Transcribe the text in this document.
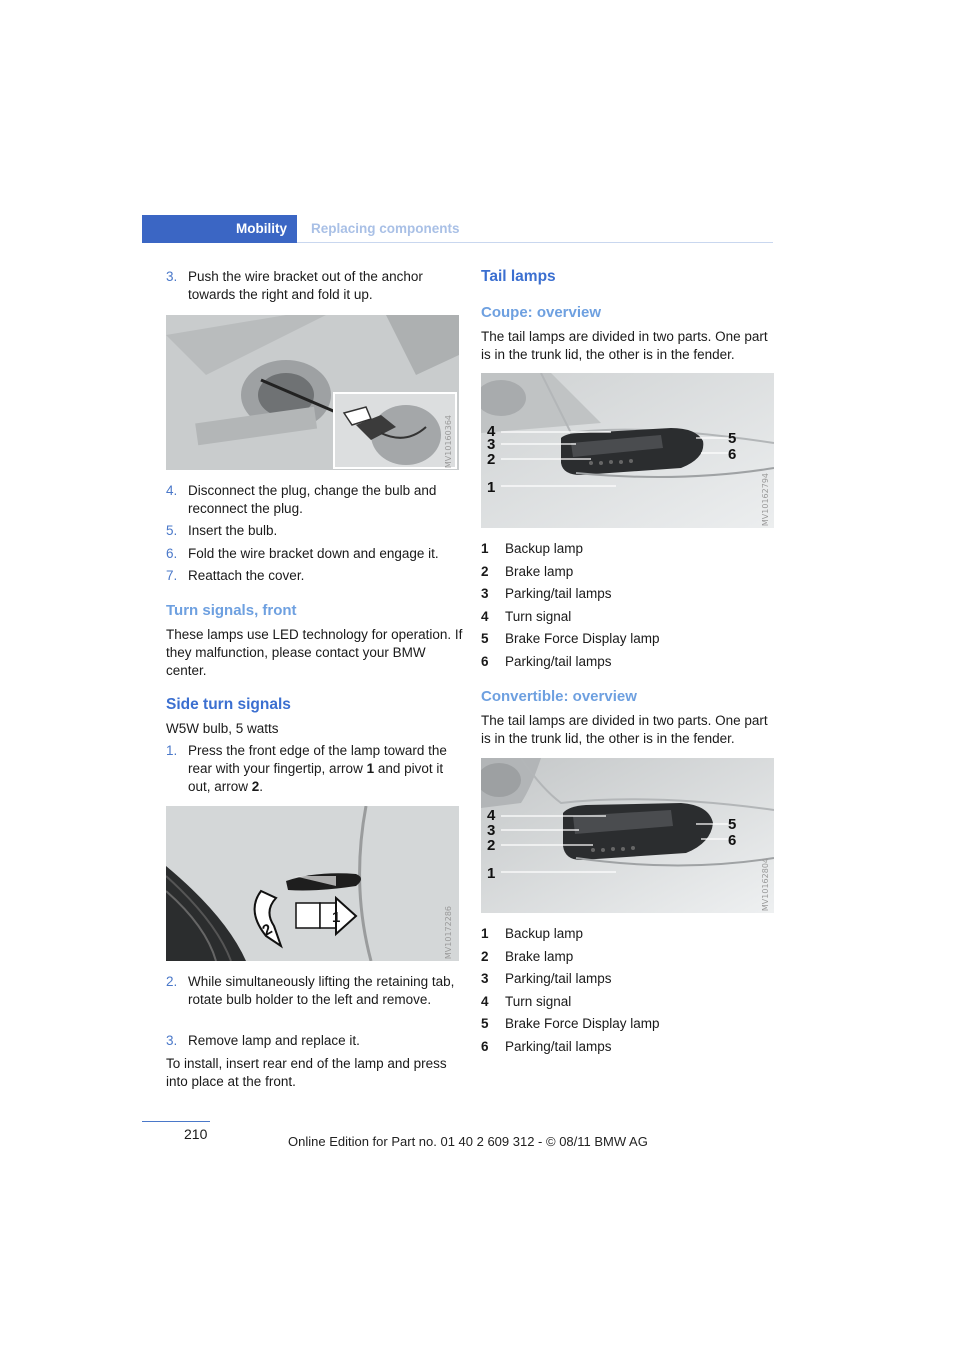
Mobility	Replacing components
3. Push the wire bracket out of the anchor towards the right and fold it up.
MV10160364
4. Disconnect the plug, change the bulb and reconnect the plug.
5. Insert the bulb.
6. Fold the wire bracket down and engage it.
7. Reattach the cover.
Turn signals, front
These lamps use LED technology for operation. If they malfunction, please contact your BMW center.
Side turn signals
W5W bulb, 5 watts
1. Press the front edge of the lamp toward the rear with your fingertip, arrow 1 and pivot it out, arrow 2.
1
2	MV10172286
2. While simultaneously lifting the retaining tab, rotate bulb holder to the left and remove.
3. Remove lamp and replace it.
To install, insert rear end of the lamp and press into place at the front.
Tail lamps
Coupe: overview
The tail lamps are divided in two parts. One part is in the trunk lid, the other is in the fender.
4
3
2
1
5
6
MV10162794
1 Backup lamp
2 Brake lamp
3 Parking/tail lamps
4 Turn signal
5 Brake Force Display lamp
6 Parking/tail lamps
Convertible: overview
The tail lamps are divided in two parts. One part is in the trunk lid, the other is in the fender.
4
3
2
1
5
6
MV10162804
1 Backup lamp
2 Brake lamp
3 Parking/tail lamps
4 Turn signal
5 Brake Force Display lamp
6 Parking/tail lamps
210	Online Edition for Part no. 01 40 2 609 312 - © 08/11 BMW AG
